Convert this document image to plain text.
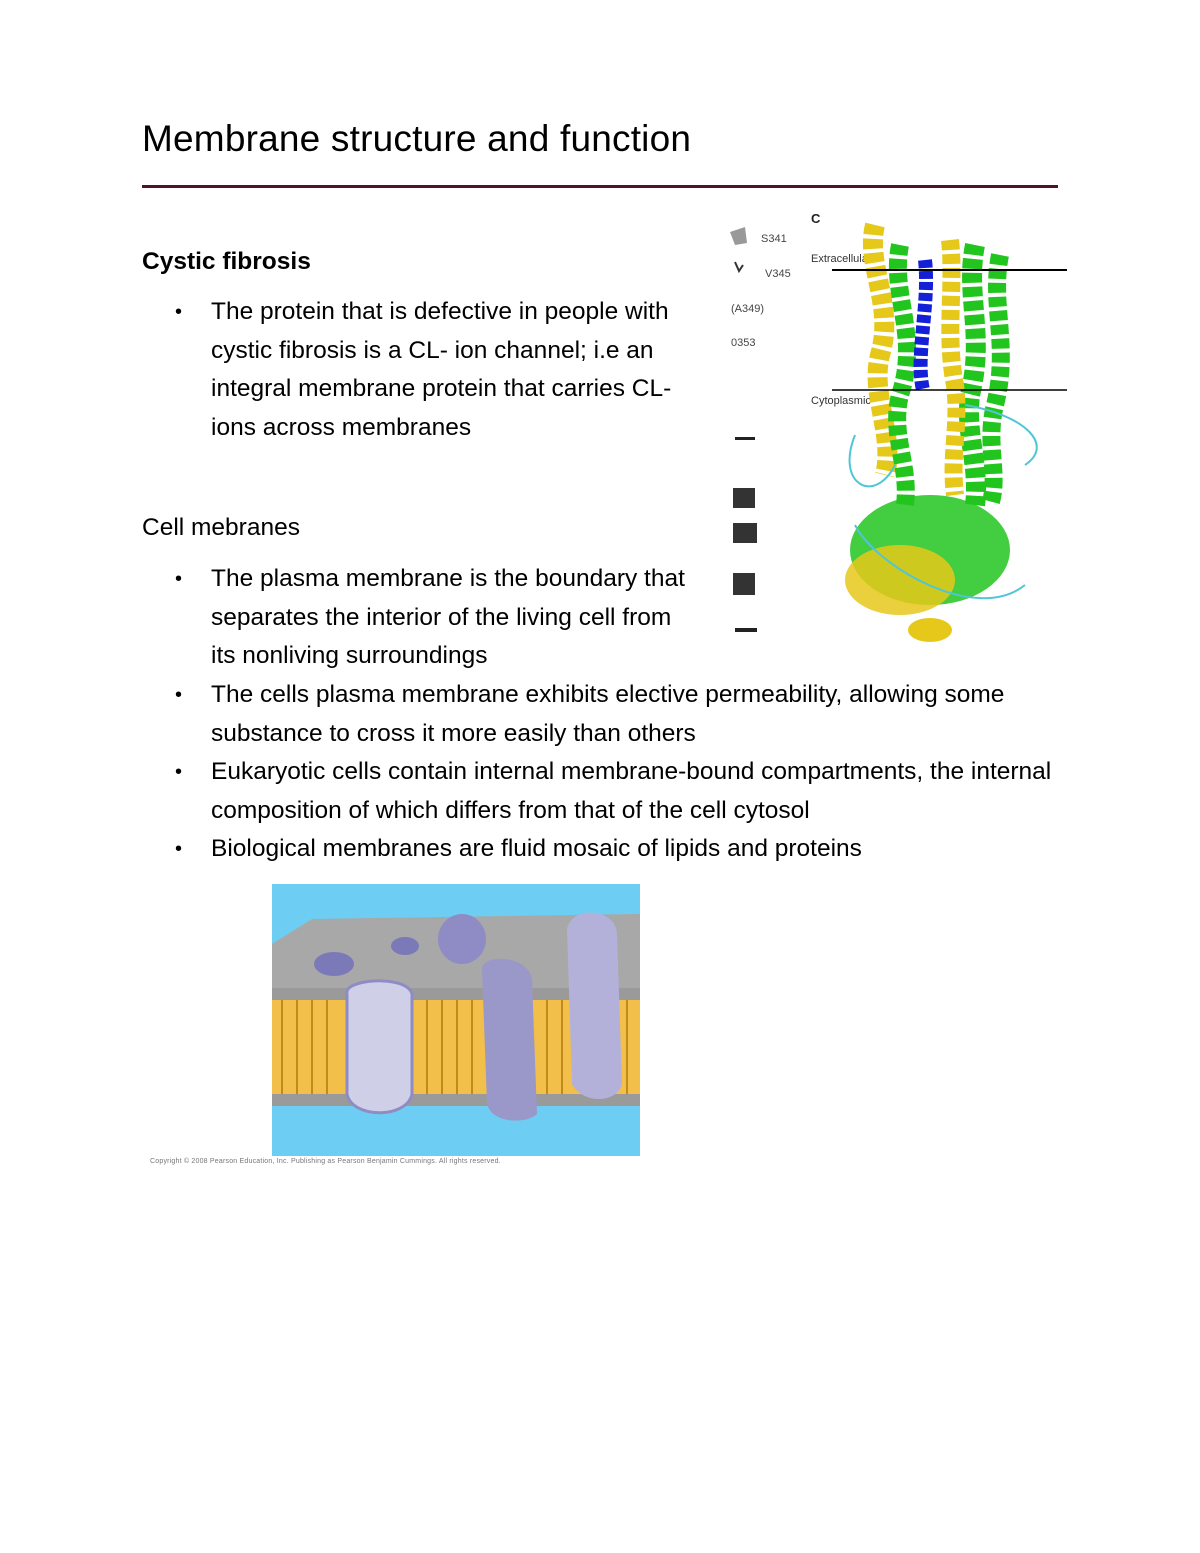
Membrane structure and function
Cystic fibrosis
• The protein that is defective in people with cystic fibrosis is a CL- ion channel; i.e an integral membrane protein that carries CL- ions across membranes
Cell mebranes
• The plasma membrane is the boundary that separates the interior of the living cell from its nonliving surroundings
• The cells plasma membrane exhibits elective permeability, allowing some substance to cross it more easily than others
• Eukaryotic cells contain internal membrane-bound compartments, the internal composition of which differs from that of the cell cytosol
• Biological membranes are fluid mosaic of lipids and proteins
S341
V345
(A349)
0353
C
Extracellular
Cytoplasmic
Copyright © 2008 Pearson Education, Inc. Publishing as Pearson Benjamin Cummings. All rights reserved.
